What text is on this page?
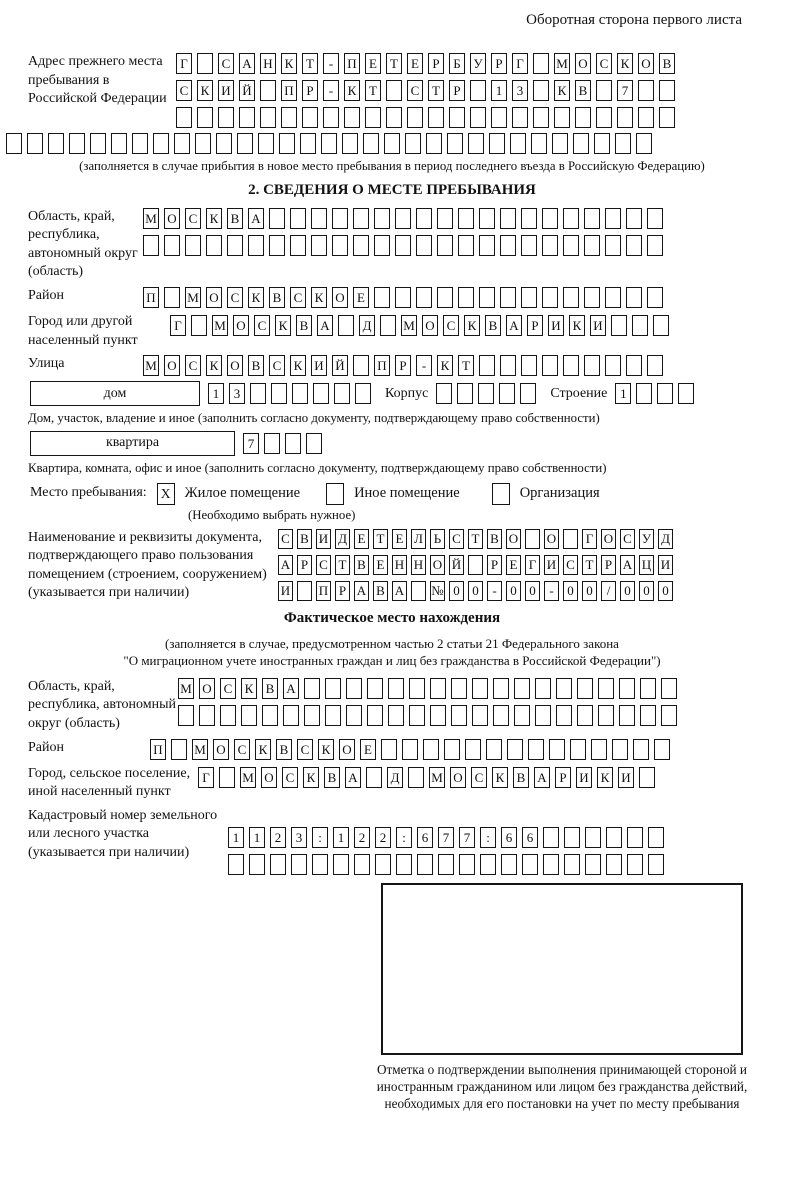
Оборотная сторона первого листа
Адрес прежнего места пребывания в Российской Федерации
Г	С А Н К Т	-	П Е	Т	Е	Р	Б У Р	Г	М О С К О В
С К И Й	П Р	-	К Т	С Т	Р	1	3	К В	7
(заполняется в случае прибытия в новое место пребывания в период последнего въезда в Российскую Федерацию)
2. СВЕДЕНИЯ О МЕСТЕ ПРЕБЫВАНИЯ
Область, край, республика, автономный округ (область)
М О С К В А
Район	П М О С К В С К О Е
Город или другой населенный пункт
Г	М О С К В А	Д М О С К В А Р И К И
Улица	М О С К О В С К И Й	П Р	-	К Т
дом	1	3	Корпус	Строение 1
Дом, участок, владение и иное (заполнить согласно документу, подтверждающему право собственности)
квартира	7
Квартира, комната, офис и иное (заполнить согласно документу, подтверждающему право собственности)
Место пребывания:	X Жилое помещение	Иное помещение	Организация
(Необходимо выбрать нужное)
Наименование и реквизиты документа, подтверждающего право пользования помещением (строением, сооружением) (указывается при наличии)
С В И Д Е Т Е Л Ь С Т В О О Г О С У Д
А Р С Т В Е Н Н О Й Р Е Г И С Т Р А Ц И
И П Р А В А № 0 0	-	0 0	-	0 0	/	0 0 0
Фактическое место нахождения
(заполняется в случае, предусмотренном частью 2 статьи 21 Федерального закона
"О миграционном учете иностранных граждан и лиц без гражданства в Российской Федерации")
Область, край, республика, автономный округ (область)
М О С К В А
Район	П М О С К В С К О Е
Город, сельское поселение, иной населенный пункт
Г	М О С К В А	Д М О С К В А Р И К И
Кадастровый номер земельного или лесного участка (указывается при наличии)
1	1	2	3	:	1	2	2	:	6	7	7	:	6	6
Отметка о подтверждении выполнения принимающей стороной и иностранным гражданином или лицом без гражданства действий, необходимых для его постановки на учет по месту пребывания
